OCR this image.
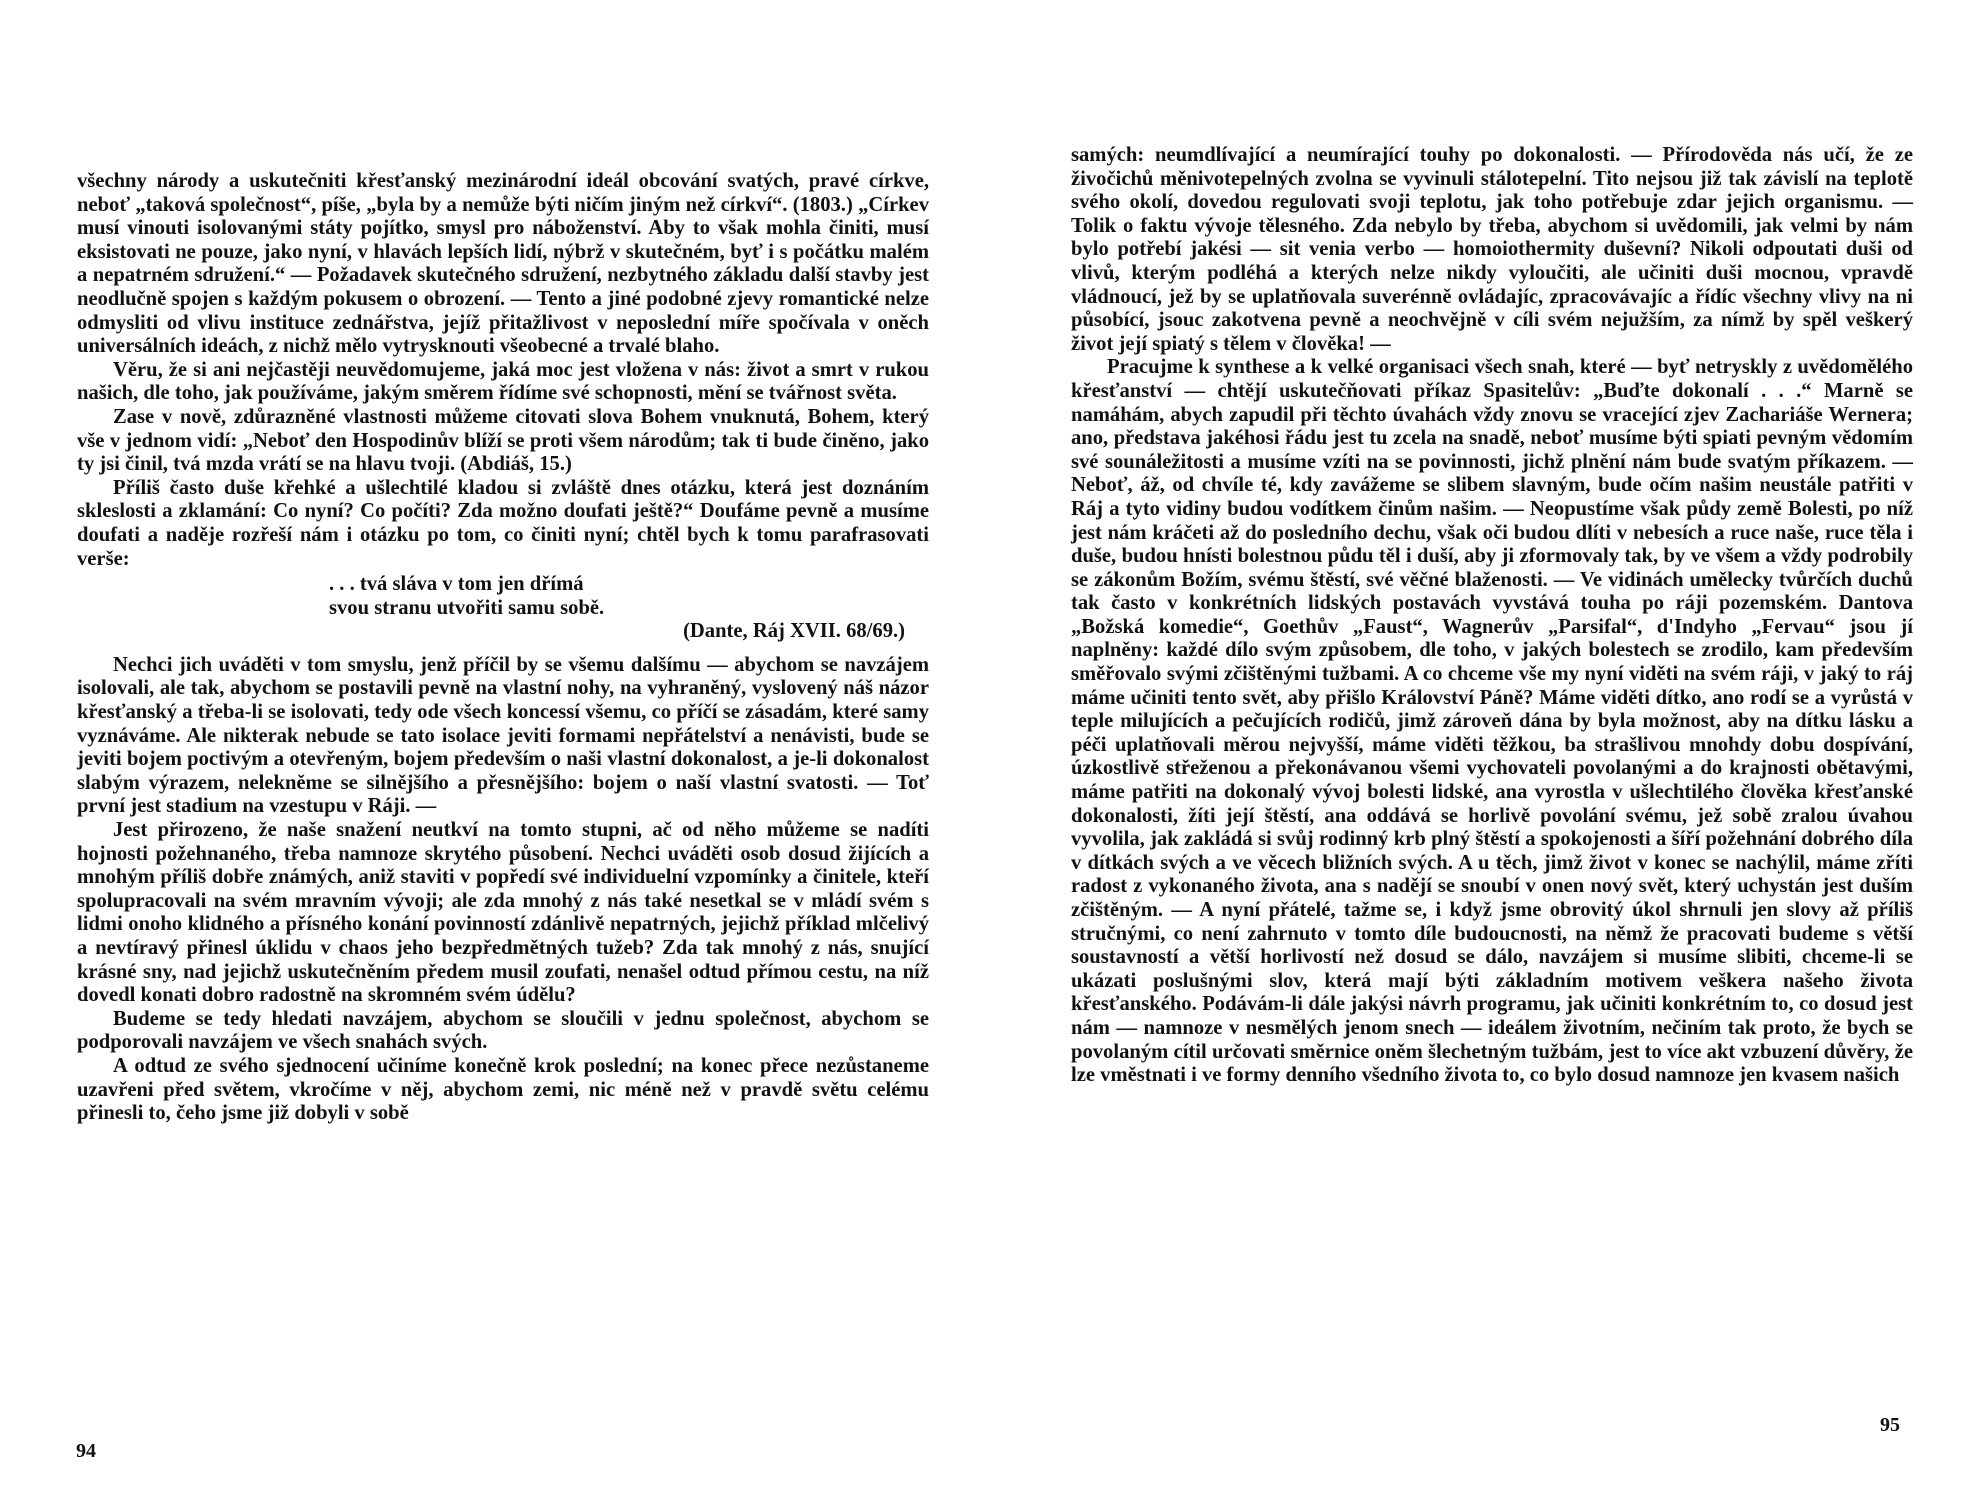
všechny národy a uskutečniti křesťanský mezinárodní ideál obcování svatých, pravé církve, neboť „taková společnost“, píše, „byla by a nemůže býti ničím jiným než církví“. (1803.) „Církev musí vinouti isolovanými státy pojítko, smysl pro náboženství. Aby to však mohla činiti, musí eksistovati ne pouze, jako nyní, v hlavách lepších lidí, nýbrž v skutečném, byť i s počátku malém a nepatrném sdružení.“ — Požadavek skutečného sdružení, nezbytného základu další stavby jest neodlučně spojen s každým pokusem o obrození. — Tento a jiné podobné zjevy romantické nelze odmysliti od vlivu instituce zednářstva, jejíž přitažlivost v neposlední míře spočívala v oněch universálních ideách, z nichž mělo vytrysknouti všeobecné a trvalé blaho.

Věru, že si ani nejčastěji neuvědomujeme, jaká moc jest vložena v nás: život a smrt v rukou našich, dle toho, jak používáme, jakým směrem řídíme své schopnosti, mění se tvářnost světa.

Zase v nově, zdůrazněné vlastnosti můžeme citovati slova Bohem vnuknutá, Bohem, který vše v jednom vidí: „Neboť den Hospodinův blíží se proti všem národům; tak ti bude činěno, jako ty jsi činil, tvá mzda vrátí se na hlavu tvoji. (Abdiáš, 15.)

Příliš často duše křehké a ušlechtilé kladou si zvláště dnes otázku, která jest doznáním skleslosti a zklamání: Co nyní? Co počíti? Zda možno doufati ještě?“ Doufáme pevně a musíme doufati a naděje rozřeší nám i otázku po tom, co činiti nyní; chtěl bych k tomu parafrasovati verše:

. . . tvá sláva v tom jen dřímá
svou stranu utvořiti samu sobě.
(Dante, Ráj XVII. 68/69.)

Nechci jich uváděti v tom smyslu, jenž příčil by se všemu dalšímu — abychom se navzájem isolovali, ale tak, abychom se postavili pevně na vlastní nohy, na vyhraněný, vyslovený náš názor křesťanský a třeba-li se isolovati, tedy ode všech koncessí všemu, co příčí se zásadám, které samy vyznáváme. Ale nikterak nebude se tato isolace jeviti formami nepřátelství a nenávisti, bude se jeviti bojem poctivým a otevřeným, bojem především o naši vlastní dokonalost, a je-li dokonalost slabým výrazem, nelekněme se silnějšího a přesnějšího: bojem o naší vlastní svatosti. — Toť první jest stadium na vzestupu v Ráji. —

Jest přirozeno, že naše snažení neutkví na tomto stupni, ač od něho můžeme se nadíti hojnosti požehnaného, třeba namnoze skrytého působení. Nechci uváděti osob dosud žijících a mnohým příliš dobře známých, aniž staviti v popředí své individuelní vzpomínky a činitele, kteří spolupracovali na svém mravním vývoji; ale zda mnohý z nás také nesetkal se v mládí svém s lidmi onoho klidného a přísného konání povinností zdánlivě nepatrných, jejichž příklad mlčelivý a nevtíravý přinesl úklidu v chaos jeho bezpředmětných tužeb? Zda tak mnohý z nás, snující krásné sny, nad jejichž uskutečněním předem musil zoufati, nenašel odtud přímou cestu, na níž dovedl konati dobro radostně na skromném svém údělu?

Budeme se tedy hledati navzájem, abychom se sloučili v jednu společnost, abychom se podporovali navzájem ve všech snahách svých.

A odtud ze svého sjednocení učiníme konečně krok poslední; na konec přece nezůstaneme uzavřeni před světem, vkročíme v něj, abychom zemi, nic méně než v pravdě světu celému přinesli to, čeho jsme již dobyli v sobě

94

samých: neumdlívající a neumírající touhy po dokonalosti. — Přírodověda nás učí, že ze živočichů měnivotepelných zvolna se vyvinuli stálotepelní. Tito nejsou již tak závislí na teplotě svého okolí, dovedou regulovati svoji teplotu, jak toho potřebuje zdar jejich organismu. — Tolik o faktu vývoje tělesného. Zda nebylo by třeba, abychom si uvědomili, jak velmi by nám bylo potřebí jakési — sit venia verbo — homoiothermity duševní? Nikoli odpoutati duši od vlivů, kterým podléhá a kterých nelze nikdy vyloučiti, ale učiniti duši mocnou, vpravdě vládnoucí, jež by se uplatňovala suverénně ovládajíc, zpracovávajíc a řídíc všechny vlivy na ni působící, jsouc zakotvena pevně a neochvějně v cíli svém nejužším, za nímž by spěl veškerý život její spiatý s tělem v člověka! —

Pracujme k synthese a k velké organisaci všech snah, které — byť netryskly z uvědomělého křesťanství — chtějí uskutečňovati příkaz Spasitelův: „Buďte dokonalí . . .“ Marně se namáhám, abych zapudil při těchto úvahách vždy znovu se vracející zjev Zachariáše Wernera; ano, představa jakéhosi řádu jest tu zcela na snadě, neboť musíme býti spiati pevným vědomím své sounáležitosti a musíme vzíti na se povinnosti, jichž plnění nám bude svatým příkazem. — Neboť, áž, od chvíle té, kdy zavážeme se slibem slavným, bude očím našim neustále patřiti v Ráj a tyto vidiny budou vodítkem činům našim. — Neopustíme však půdy země Bolesti, po níž jest nám kráčeti až do posledního dechu, však oči budou dlíti v nebesích a ruce naše, ruce těla i duše, budou hnísti bolestnou půdu těl i duší, aby ji zformovaly tak, by ve všem a vždy podrobily se zákonům Božím, svému štěstí, své věčné blaženosti. — Ve vidinách umělecky tvůrčích duchů tak často v konkrétních lidských postavách vyvstává touha po ráji pozemském. Dantova „Božská komedie“, Goethův „Faust“, Wagnerův „Parsifal“, d'Indyho „Fervau“ jsou jí naplněny: každé dílo svým způsobem, dle toho, v jakých bolestech se zrodilo, kam především směřovalo svými zčištěnými tužbami. A co chceme vše my nyní viděti na svém ráji, v jaký to ráj máme učiniti tento svět, aby přišlo Království Páně? Máme viděti dítko, ano rodí se a vyrůstá v teple milujících a pečujících rodičů, jimž zároveň dána by byla možnost, aby na dítku lásku a péči uplatňovali měrou nejvyšší, máme viděti těžkou, ba strašlivou mnohdy dobu dospívání, úzkostlivě střeženou a překonávanou všemi vychovateli povolanými a do krajnosti obětavými, máme patřiti na dokonalý vývoj bolesti lidské, ana vyrostla v ušlechtilého člověka křesťanské dokonalosti, žíti její štěstí, ana oddává se horlivě povolání svému, jež sobě zralou úvahou vyvolila, jak zakládá si svůj rodinný krb plný štěstí a spokojenosti a šíří požehnání dobrého díla v dítkách svých a ve věcech bližních svých. A u těch, jimž život v konec se nachýlil, máme zříti radost z vykonaného života, ana s nadějí se snoubí v onen nový svět, který uchystán jest duším zčištěným. — A nyní přátelé, tažme se, i když jsme obrovitý úkol shrnuli jen slovy až příliš stručnými, co není zahrnuto v tomto díle budoucnosti, na němž že pracovati budeme s větší soustavností a větší horlivostí než dosud se dálo, navzájem si musíme slibiti, chceme-li se ukázati poslušnými slov, která mají býti základním motivem veškera našeho života křesťanského. Podávám-li dále jakýsi návrh programu, jak učiniti konkrétním to, co dosud jest nám — namnoze v nesmělých jenom snech — ideálem životním, nečiním tak proto, že bych se povolaným cítil určovati směrnice oněm šlechetným tužbám, jest to více akt vzbuzení důvěry, že lze vměstnati i ve formy denního všedního života to, co bylo dosud namnoze jen kvasem našich

95
